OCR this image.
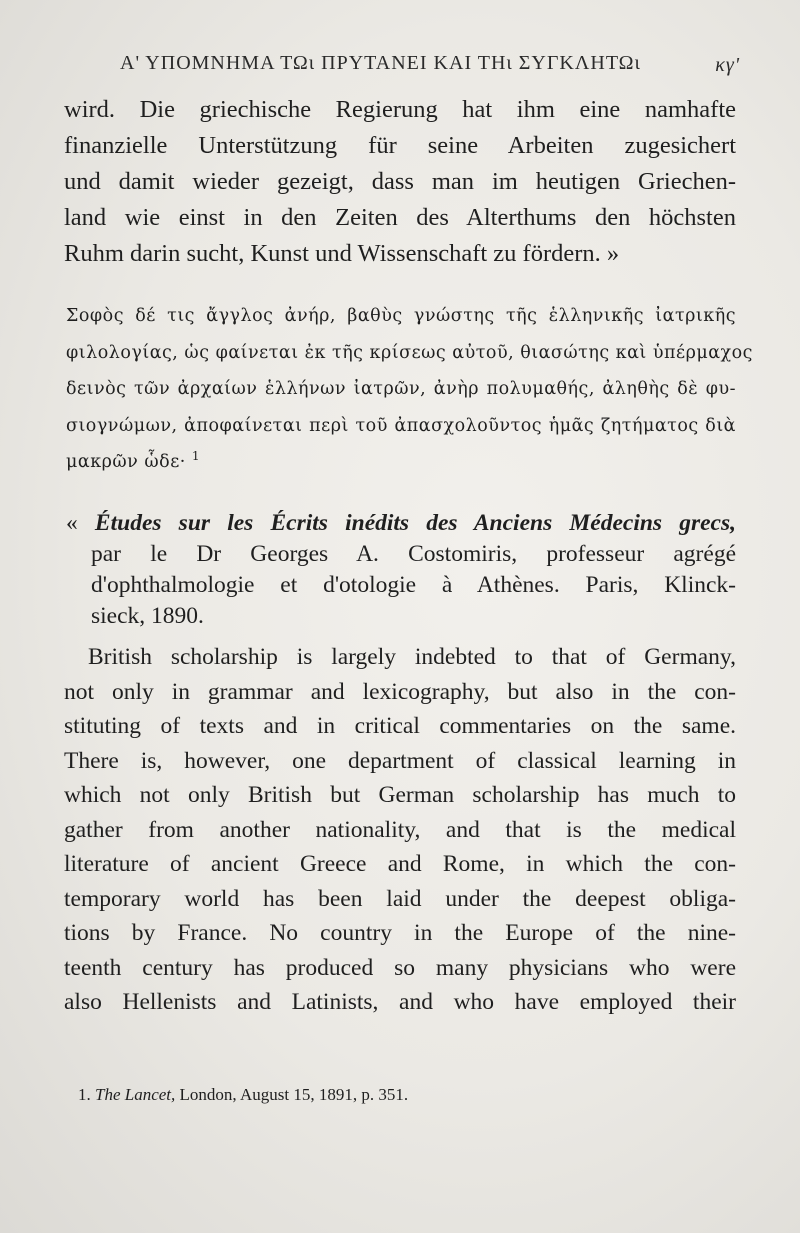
Α' ΥΠΟΜΝΗΜΑ ΤΩι ΠΡΥΤΑΝΕΙ ΚΑΙ ΤΗι ΣΥΓΚΛΗΤΩι	κγ'
wird. Die griechische Regierung hat ihm eine namhafte
finanzielle Unterstützung für seine Arbeiten zugesichert
und damit wieder gezeigt, dass man im heutigen Griechen-
land wie einst in den Zeiten des Alterthums den höchsten
Ruhm darin sucht, Kunst und Wissenschaft zu fördern. »
Σοφὸς δέ τις ἄγγλος ἀνήρ, βαθὺς γνώστης τῆς ἑλληνικῆς ἰατρικῆς
φιλολογίας, ὡς φαίνεται ἐκ τῆς κρίσεως αὐτοῦ, θιασώτης καὶ ὑπέρμαχος
δεινὸς τῶν ἀρχαίων ἑλλήνων ἰατρῶν, ἀνὴρ πολυμαθής, ἀληθὴς δὲ φυ-
σιογνώμων, ἀποφαίνεται περὶ τοῦ ἀπασχολοῦντος ἡμᾶς ζητήματος διὰ
μακρῶν ὧδε· $^1$
« Études sur les Écrits inédits des Anciens Médecins grecs,
par le Dr Georges A. Costomiris, professeur agrégé
d'ophthalmologie et d'otologie à Athènes. Paris, Klinck-
sieck, 1890.
British scholarship is largely indebted to that of Germany,
not only in grammar and lexicography, but also in the con-
stituting of texts and in critical commentaries on the same.
There is, however, one department of classical learning in
which not only British but German scholarship has much to
gather from another nationality, and that is the medical
literature of ancient Greece and Rome, in which the con-
temporary world has been laid under the deepest obliga-
tions by France. No country in the Europe of the nine-
teenth century has produced so many physicians who were
also Hellenists and Latinists, and who have employed their
1. The Lancet, London, August 15, 1891, p. 351.
